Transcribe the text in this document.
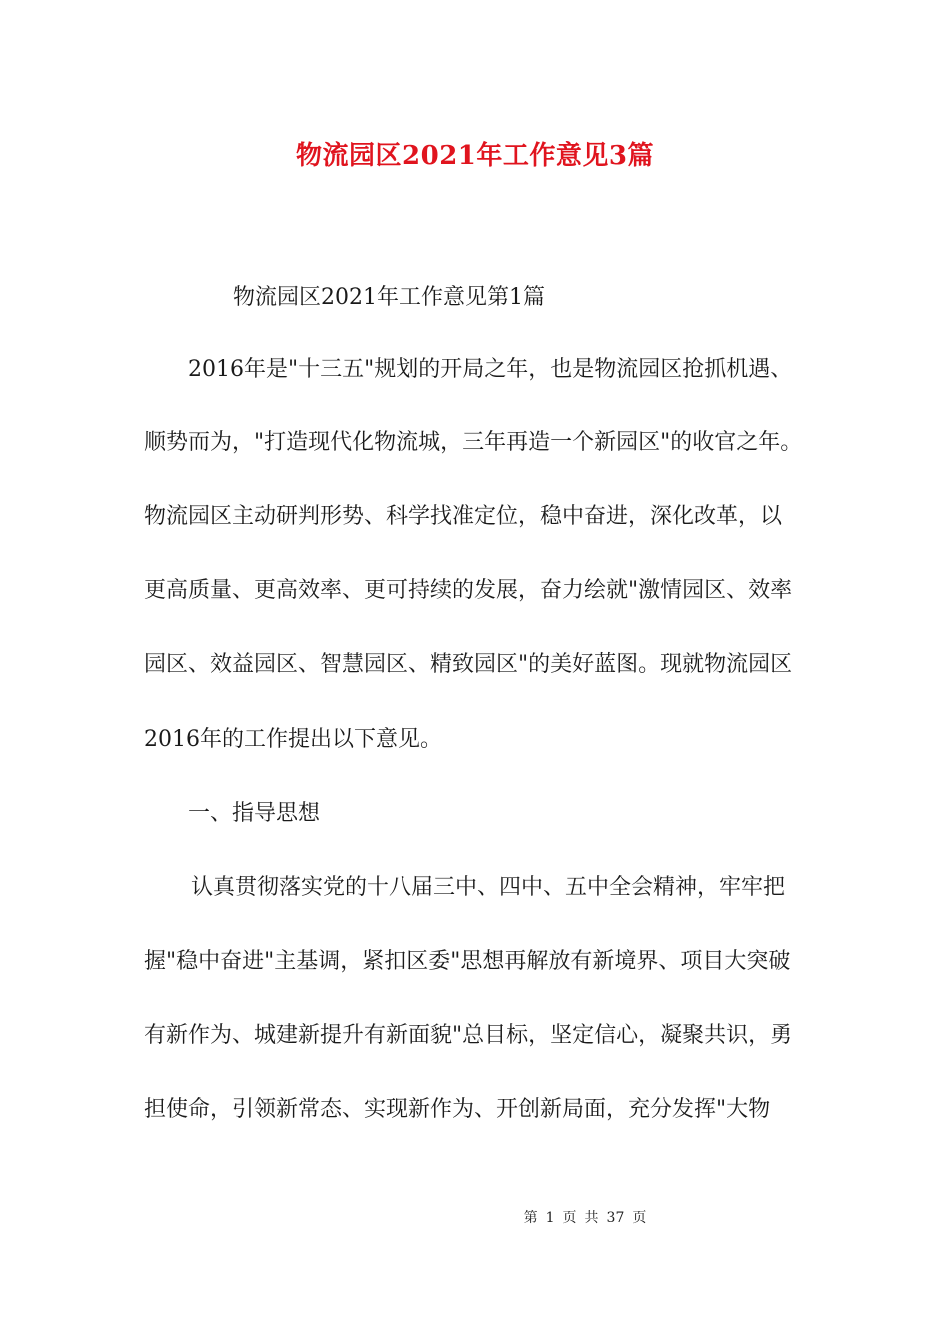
物流园区2021年工作意见3篇
物流园区2021年工作意见第1篇
2016年是"十三五"规划的开局之年，也是物流园区抢抓机遇、
顺势而为，"打造现代化物流城，三年再造一个新园区"的收官之年。
物流园区主动研判形势、科学找准定位，稳中奋进，深化改革，以
更高质量、更高效率、更可持续的发展，奋力绘就"激情园区、效率
园区、效益园区、智慧园区、精致园区"的美好蓝图。现就物流园区
2016年的工作提出以下意见。
一、指导思想
认真贯彻落实党的十八届三中、四中、五中全会精神，牢牢把
握"稳中奋进"主基调，紧扣区委"思想再解放有新境界、项目大突破
有新作为、城建新提升有新面貌"总目标，坚定信心，凝聚共识，勇
担使命，引领新常态、实现新作为、开创新局面，充分发挥"大物
第 1 页 共 37 页
